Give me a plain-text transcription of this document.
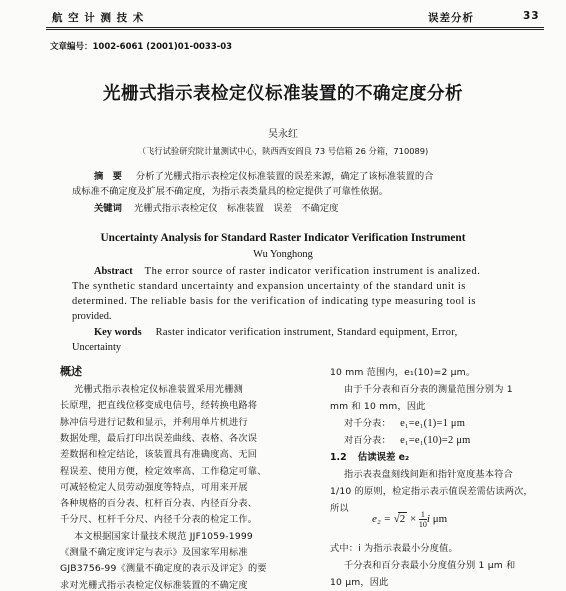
航 空 计 测 技 术	误差分析	33
文章编号：1002-6061 (2001)01-0033-03
光栅式指示表检定仪标准装置的不确定度分析
吴永红
（飞行试验研究院计量测试中心，陕西西安阎良 73 号信箱 26 分箱，710089)
摘　要 分析了光栅式指示表检定仪标准装置的误差来源，确定了该标准装置的合
成标准不确定度及扩展不确定度，为指示表类量具的检定提供了可靠性依据。
关键词 光栅式指示表检定仪　标准装置　误差　不确定度
Uncertainty Analysis for Standard Raster Indicator Verification Instrument
Wu Yonghong
Abstract The error source of raster indicator verification instrument is analized.
The synthetic standard uncertainty and expansion uncertainty of the standard unit is
determined. The reliable basis for the verification of indicating type measuring tool is
provided.
Key words Raster indicator verification instrument, Standard equipment, Error,
Uncertainty
概述
光栅式指示表检定仪标准装置采用光栅测
长原理，把直线位移变成电信号，经转换电路将
脉冲信号进行记数和显示，并利用单片机进行
数据处理，最后打印出误差曲线、表格、各次误
差数据和检定结论，该装置具有准确度高、无回
程误差、使用方便，检定效率高、工作稳定可靠、
可减轻检定人员劳动强度等特点，可用来开展
各种规格的百分表、杠杆百分表、内径百分表、
千分尺、杠杆千分尺、内径千分表的检定工作。
本文根据国家计量技术规范 JJF1059-1999
《测量不确定度评定与表示》及国家军用标准
GJB3756-99《测量不确定度的表示及评定》的要
求对光栅式指示表检定仪标准装置的不确定度
10 mm 范围内，e₁(10)=2 μm。
由于千分表和百分表的测量范围分别为 1
mm 和 10 mm，因此
对千分表： e₁=e₁(1)=1 μm
对百分表： e₁=e₁(10)=2 μm
1.2 估读误差 e₂
指示表表盘刻线间距和指针宽度基本符合
1/10 的原则，检定指示表示值误差需估读两次，
所以
$e_2 = √2 \times \frac{1}{10}$ i μm
式中：i 为指示表最小分度值。
千分表和百分表最小分度值分别 1 μm 和
10 μm，因此
